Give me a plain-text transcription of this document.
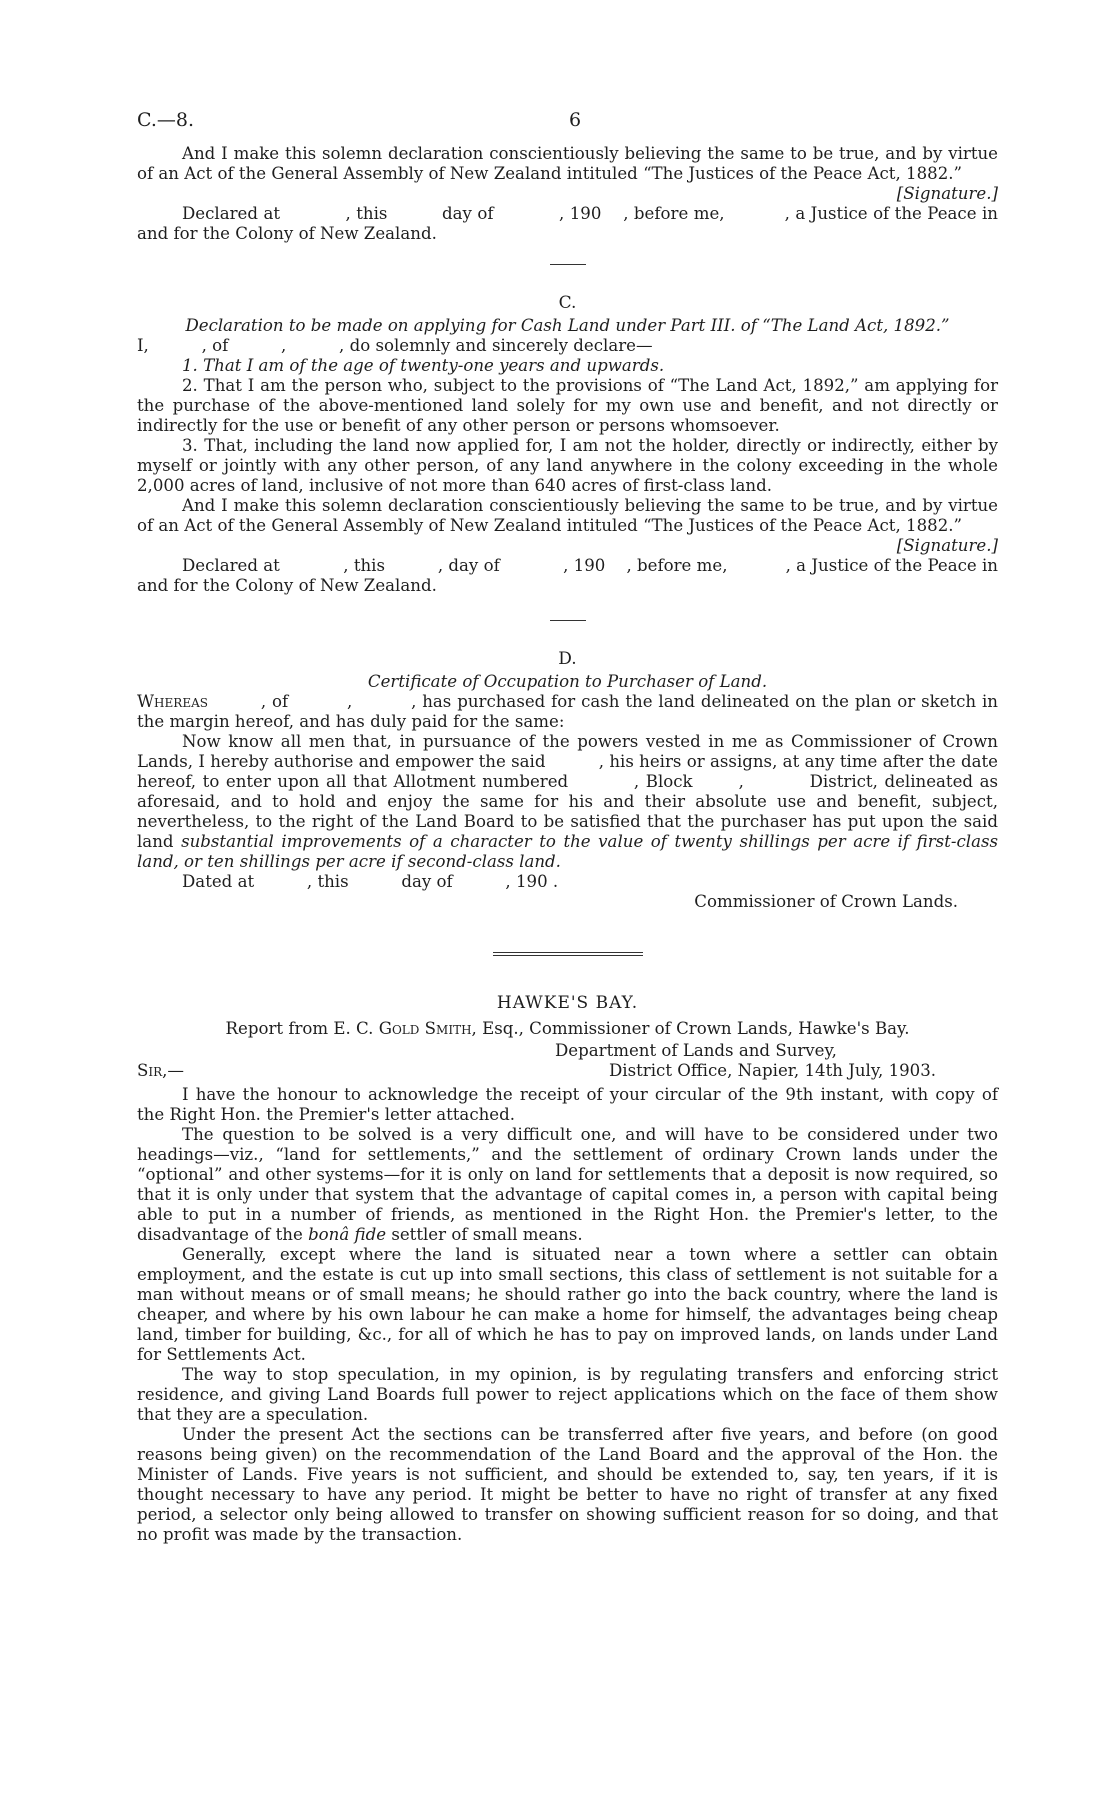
C.—8.	6

And I make this solemn declaration conscientiously believing the same to be true, and by virtue of an Act of the General Assembly of New Zealand intituled “The Justices of the Peace Act, 1882.”

[Signature.]

Declared at            , this          day of            , 190    , before me,           , a Justice of the Peace in and for the Colony of New Zealand.

C.
Declaration to be made on applying for Cash Land under Part III. of “The Land Act, 1892.”

I,          , of          ,          , do solemnly and sincerely declare—

1. That I am of the age of twenty-one years and upwards.

2. That I am the person who, subject to the provisions of “The Land Act, 1892,” am applying for the purchase of the above-mentioned land solely for my own use and benefit, and not directly or indirectly for the use or benefit of any other person or persons whomsoever.

3. That, including the land now applied for, I am not the holder, directly or indirectly, either by myself or jointly with any other person, of any land anywhere in the colony exceeding in the whole 2,000 acres of land, inclusive of not more than 640 acres of first-class land.

And I make this solemn declaration conscientiously believing the same to be true, and by virtue of an Act of the General Assembly of New Zealand intituled “The Justices of the Peace Act, 1882.”

[Signature.]

Declared at            , this          , day of            , 190    , before me,           , a Justice of the Peace in and for the Colony of New Zealand.

D.
Certificate of Occupation to Purchaser of Land.

Whereas         , of          ,          , has purchased for cash the land delineated on the plan or sketch in the margin hereof, and has duly paid for the same:

Now know all men that, in pursuance of the powers vested in me as Commissioner of Crown Lands, I hereby authorise and empower the said          , his heirs or assigns, at any time after the date hereof, to enter upon all that Allotment numbered          , Block       ,          District, delineated as aforesaid, and to hold and enjoy the same for his and their absolute use and benefit, subject, nevertheless, to the right of the Land Board to be satisfied that the purchaser has put upon the said land substantial improvements of a character to the value of twenty shillings per acre if first-class land, or ten shillings per acre if second-class land.

Dated at          , this          day of          , 190 .

Commissioner of Crown Lands.

HAWKE'S BAY.

Report from E. C. Gold Smith, Esq., Commissioner of Crown Lands, Hawke's Bay.

Department of Lands and Survey,
Sir,—	District Office, Napier, 14th July, 1903.

I have the honour to acknowledge the receipt of your circular of the 9th instant, with copy of the Right Hon. the Premier's letter attached.

The question to be solved is a very difficult one, and will have to be considered under two headings—viz., “land for settlements,” and the settlement of ordinary Crown lands under the “optional” and other systems—for it is only on land for settlements that a deposit is now required, so that it is only under that system that the advantage of capital comes in, a person with capital being able to put in a number of friends, as mentioned in the Right Hon. the Premier's letter, to the disadvantage of the bonâ fide settler of small means.

Generally, except where the land is situated near a town where a settler can obtain employment, and the estate is cut up into small sections, this class of settlement is not suitable for a man without means or of small means; he should rather go into the back country, where the land is cheaper, and where by his own labour he can make a home for himself, the advantages being cheap land, timber for building, &c., for all of which he has to pay on improved lands, on lands under Land for Settlements Act.

The way to stop speculation, in my opinion, is by regulating transfers and enforcing strict residence, and giving Land Boards full power to reject applications which on the face of them show that they are a speculation.

Under the present Act the sections can be transferred after five years, and before (on good reasons being given) on the recommendation of the Land Board and the approval of the Hon. the Minister of Lands. Five years is not sufficient, and should be extended to, say, ten years, if it is thought necessary to have any period. It might be better to have no right of transfer at any fixed period, a selector only being allowed to transfer on showing sufficient reason for so doing, and that no profit was made by the transaction.
